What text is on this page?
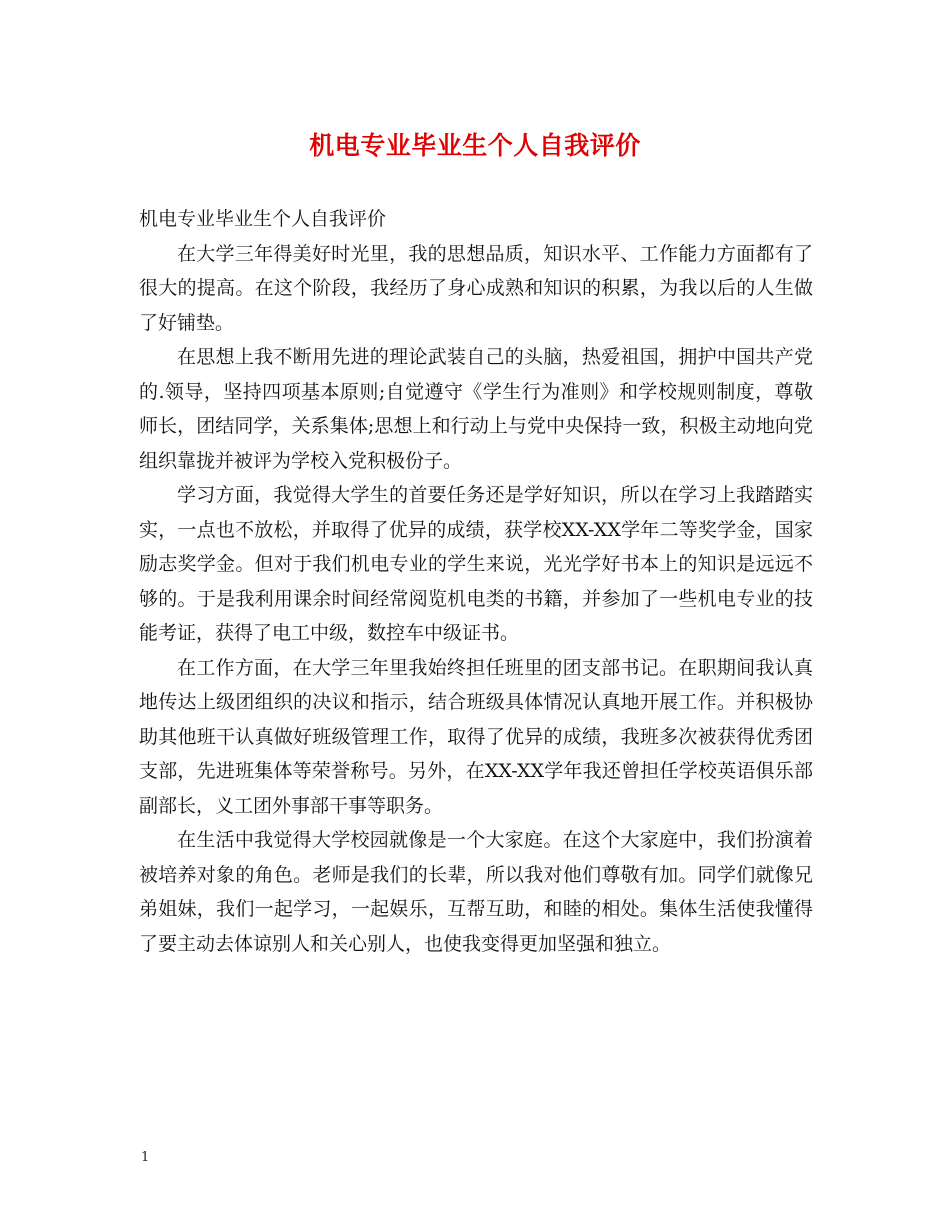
机电专业毕业生个人自我评价

机电专业毕业生个人自我评价

在大学三年得美好时光里，我的思想品质，知识水平、工作能力方面都有了很大的提高。在这个阶段，我经历了身心成熟和知识的积累，为我以后的人生做了好铺垫。

在思想上我不断用先进的理论武装自己的头脑，热爱祖国，拥护中国共产党的.领导，坚持四项基本原则;自觉遵守《学生行为准则》和学校规则制度，尊敬师长，团结同学，关系集体;思想上和行动上与党中央保持一致，积极主动地向党组织靠拢并被评为学校入党积极份子。

学习方面，我觉得大学生的首要任务还是学好知识，所以在学习上我踏踏实实，一点也不放松，并取得了优异的成绩，获学校XX-XX学年二等奖学金，国家励志奖学金。但对于我们机电专业的学生来说，光光学好书本上的知识是远远不够的。于是我利用课余时间经常阅览机电类的书籍，并参加了一些机电专业的技能考证，获得了电工中级，数控车中级证书。

在工作方面，在大学三年里我始终担任班里的团支部书记。在职期间我认真地传达上级团组织的决议和指示，结合班级具体情况认真地开展工作。并积极协助其他班干认真做好班级管理工作，取得了优异的成绩，我班多次被获得优秀团支部，先进班集体等荣誉称号。另外，在XX-XX学年我还曾担任学校英语俱乐部副部长，义工团外事部干事等职务。

在生活中我觉得大学校园就像是一个大家庭。在这个大家庭中，我们扮演着被培养对象的角色。老师是我们的长辈，所以我对他们尊敬有加。同学们就像兄弟姐妹，我们一起学习，一起娱乐，互帮互助，和睦的相处。集体生活使我懂得了要主动去体谅别人和关心别人，也使我变得更加坚强和独立。

1
